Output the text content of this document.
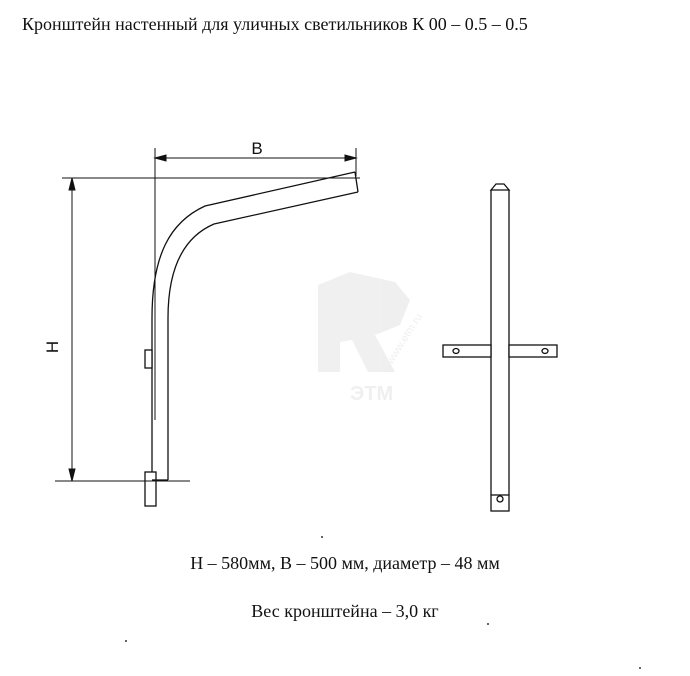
Кронштейн настенный для уличных светильников К 00 – 0.5 – 0.5
www.etm.ru
ЭТМ
B
H
H – 580мм, B – 500 мм, диаметр – 48 мм
Вес кронштейна – 3,0 кг
